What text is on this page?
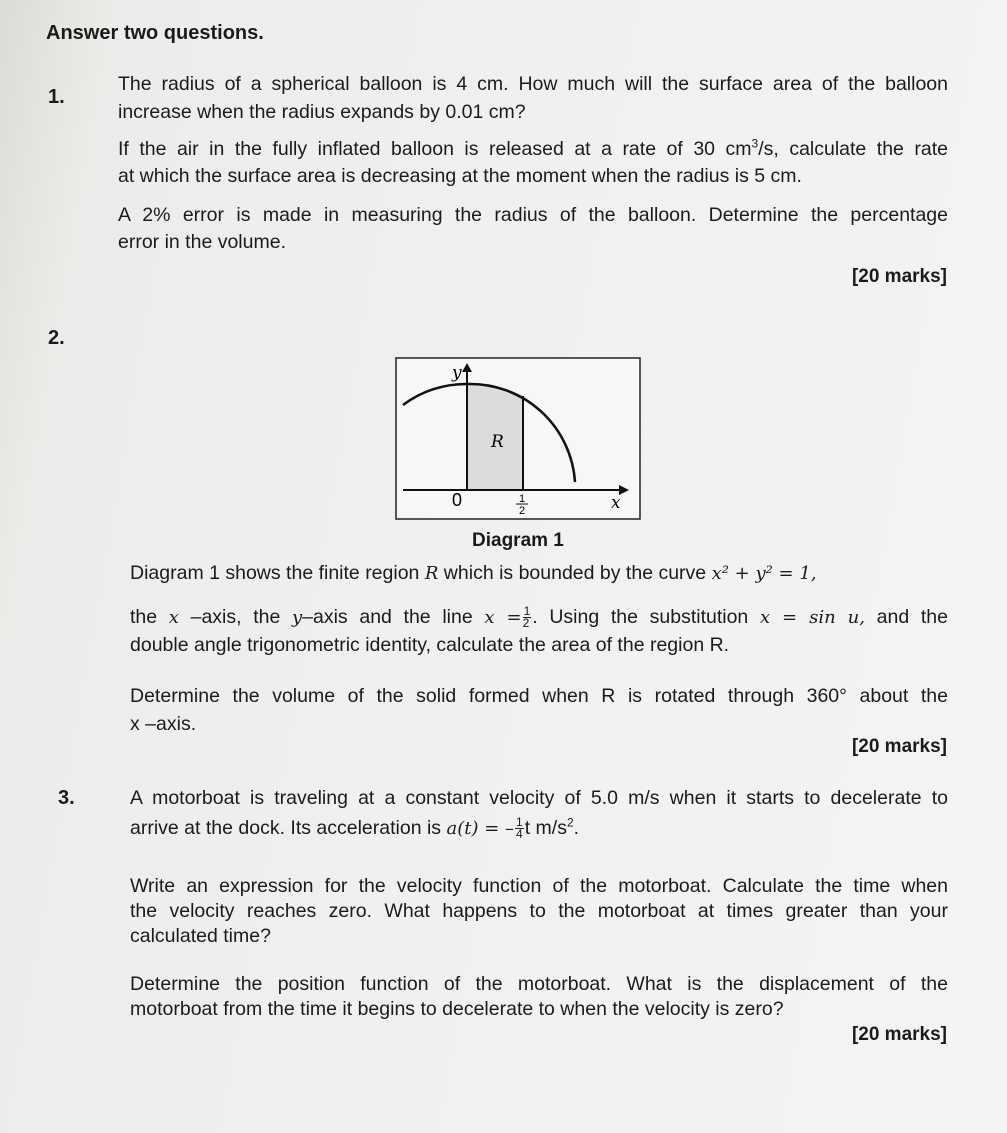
Answer two questions.
1.
The radius of a spherical balloon is 4 cm. How much will the surface area of the balloon
increase when the radius expands by 0.01 cm?
If the air in the fully inflated balloon is released at a rate of 30 $cm^3/s$, calculate the rate
at which the surface area is decreasing at the moment when the radius is 5 cm.
A 2% error is made in measuring the radius of the balloon. Determine the percentage
error in the volume.
[20 marks]
2.
y
x
0
R
1
2
Diagram 1
Diagram 1 shows the finite region R which is bounded by the curve x² + y² = 1,
the x –axis, the y–axis and the line $x = \frac{1}{2}$ . Using the substitution x = sin u, and the
double angle trigonometric identity, calculate the area of the region R.
Determine the volume of the solid formed when R is rotated through 360° about the
x –axis.
[20 marks]
3.	A motorboat is traveling at a constant velocity of 5.0 m/s when it starts to decelerate to
arrive at the dock. Its acceleration is a(t) = – $\frac{1}{4}$ t $m/s^2$.
Write an expression for the velocity function of the motorboat. Calculate the time when
the velocity reaches zero. What happens to the motorboat at times greater than your
calculated time?
Determine the position function of the motorboat. What is the displacement of the
motorboat from the time it begins to decelerate to when the velocity is zero?
[20 marks]
